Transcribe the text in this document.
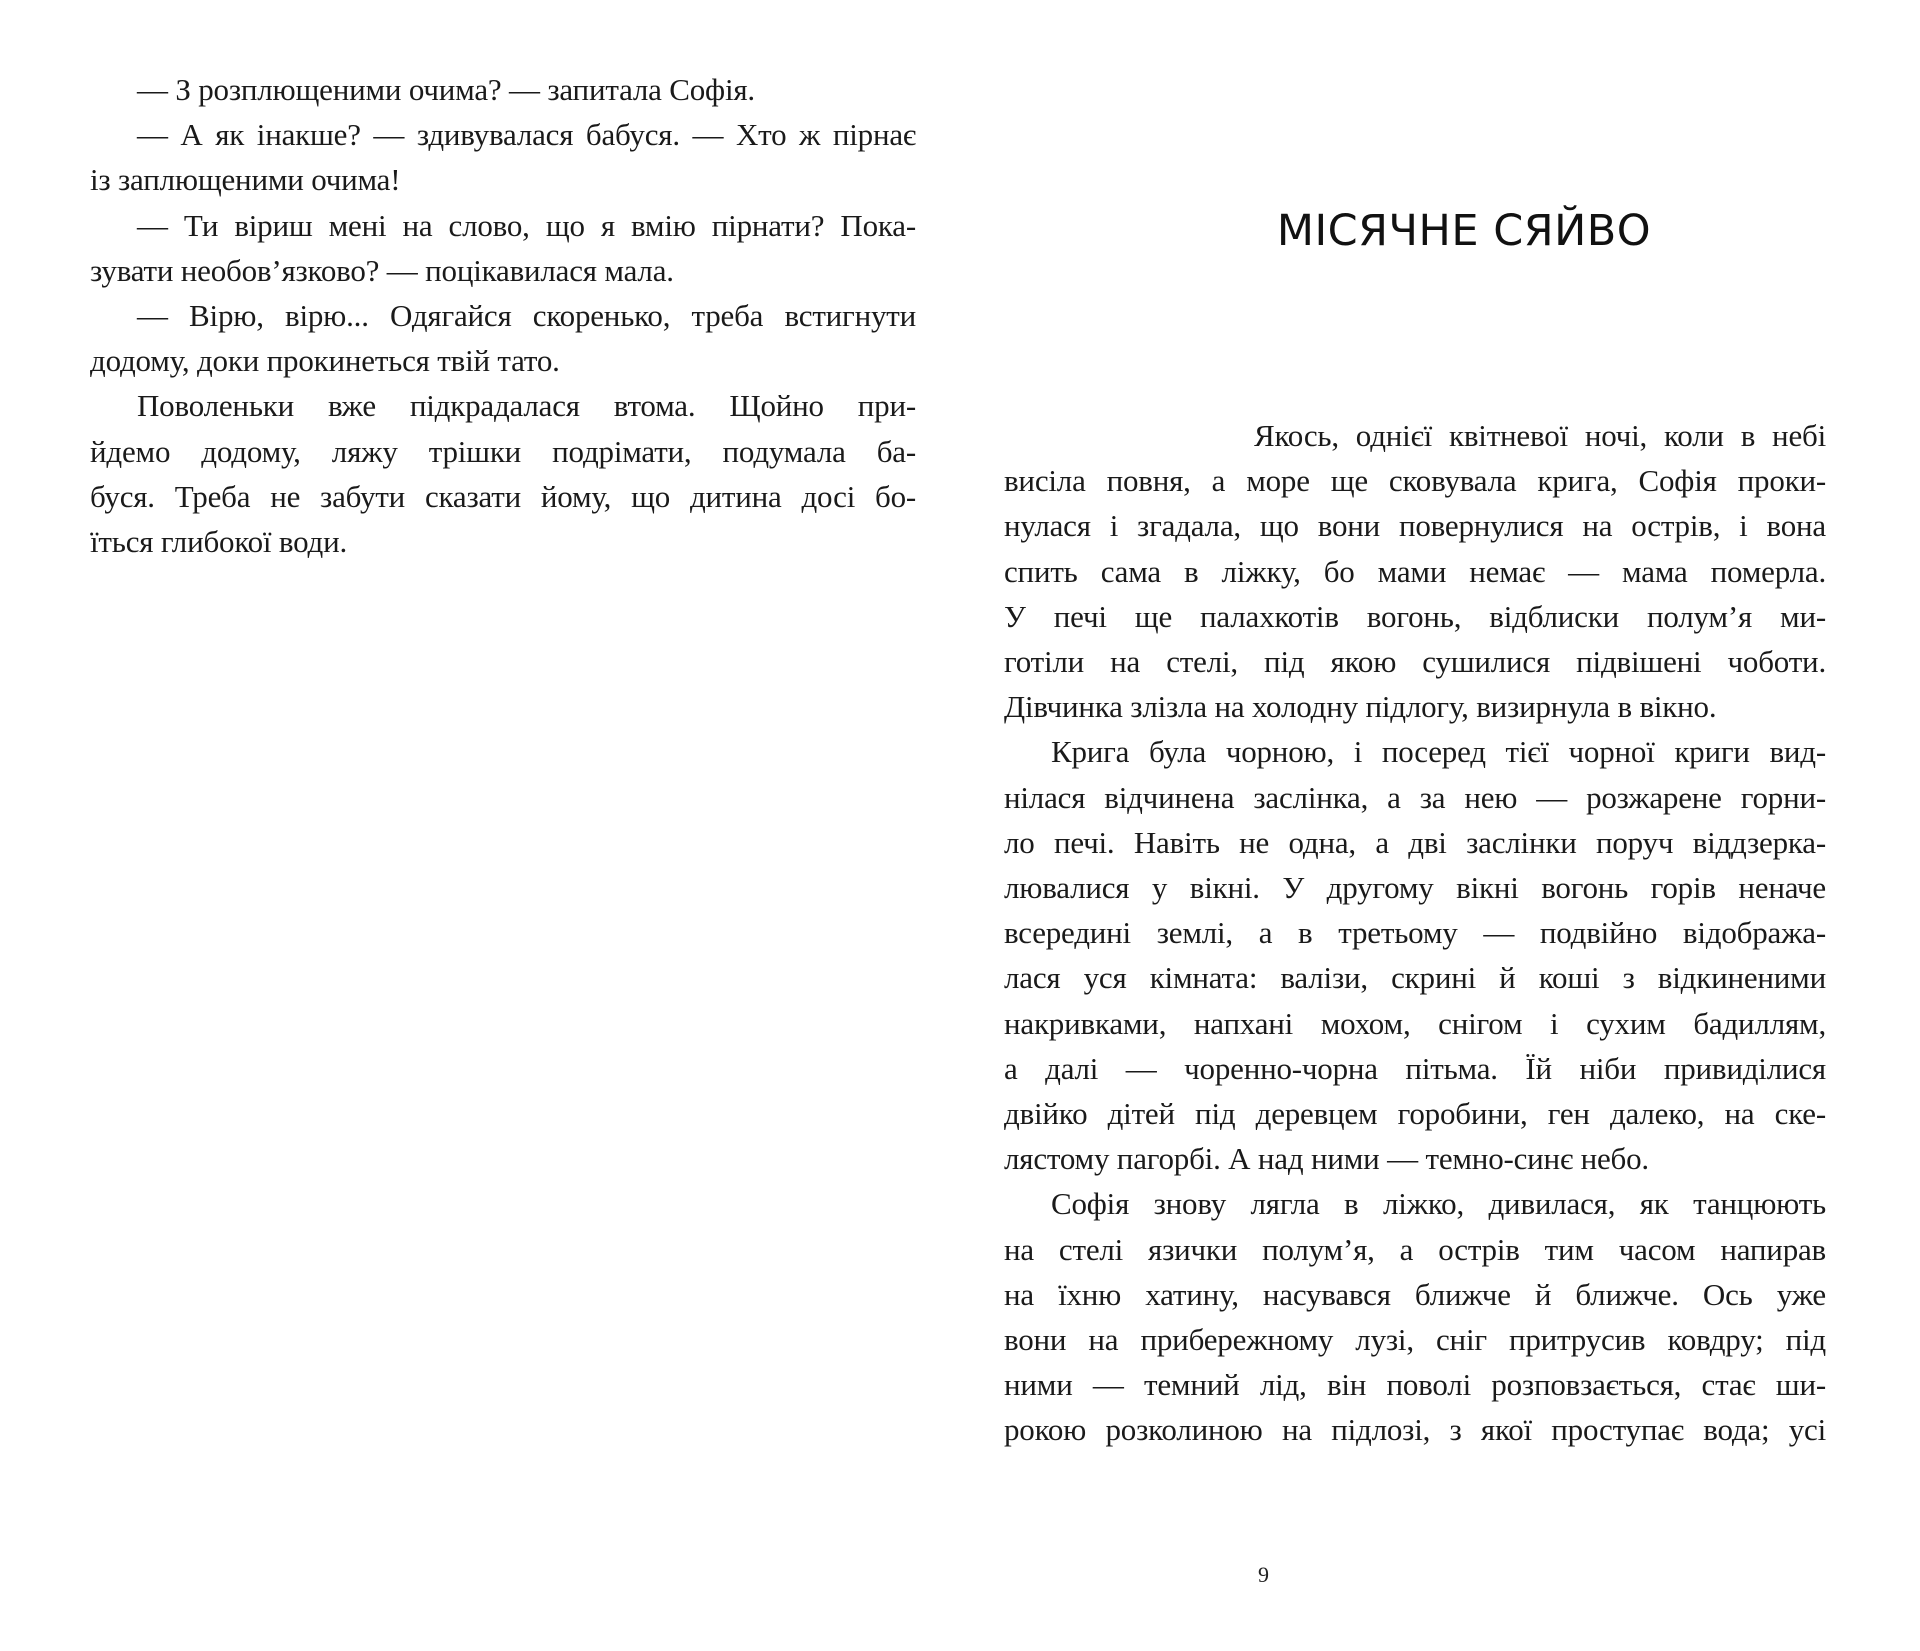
— З розплющеними очима? — запитала Софія.
— А як інакше? — здивувалася бабуся. — Хто ж пірнає
із заплющеними очима!
— Ти віриш мені на слово, що я вмію пірнати? Пока-
зувати необов’язково? — поцікавилася мала.
— Вірю, вірю... Одягайся скоренько, треба встигнути
додому, доки прокинеться твій тато.
Поволеньки вже підкрадалася втома. Щойно при-
йдемо додому, ляжу трішки подрімати, подумала ба-
буся. Треба не забути сказати йому, що дитина досі бо-
їться глибокої води.
МІСЯЧНЕ СЯЙВО
Якось, однієї квітневої ночі, коли в небі
висіла повня, а море ще сковувала крига, Софія проки-
нулася і згадала, що вони повернулися на острів, і вона
спить сама в ліжку, бо мами немає — мама померла.
У печі ще палахкотів вогонь, відблиски полум’я ми-
готіли на стелі, під якою сушилися підвішені чоботи.
Дівчинка злізла на холодну підлогу, визирнула в вікно.
Крига була чорною, і посеред тієї чорної криги вид-
нілася відчинена заслінка, а за нею — розжарене горни-
ло печі. Навіть не одна, а дві заслінки поруч віддзерка-
лювалися у вікні. У другому вікні вогонь горів неначе
всередині землі, а в третьому — подвійно відобража-
лася уся кімната: валізи, скрині й коші з відкиненими
накривками, напхані мохом, снігом і сухим бадиллям,
а далі — чоренно-чорна пітьма. Їй ніби привиділися
двійко дітей під деревцем горобини, ген далеко, на ске-
лястому пагорбі. А над ними — темно-синє небо.
Софія знову лягла в ліжко, дивилася, як танцюють
на стелі язички полум’я, а острів тим часом напирав
на їхню хатину, насувався ближче й ближче. Ось уже
вони на прибережному лузі, сніг притрусив ковдру; під
ними — темний лід, він поволі розповзається, стає ши-
рокою розколиною на підлозі, з якої проступає вода; усі
9
